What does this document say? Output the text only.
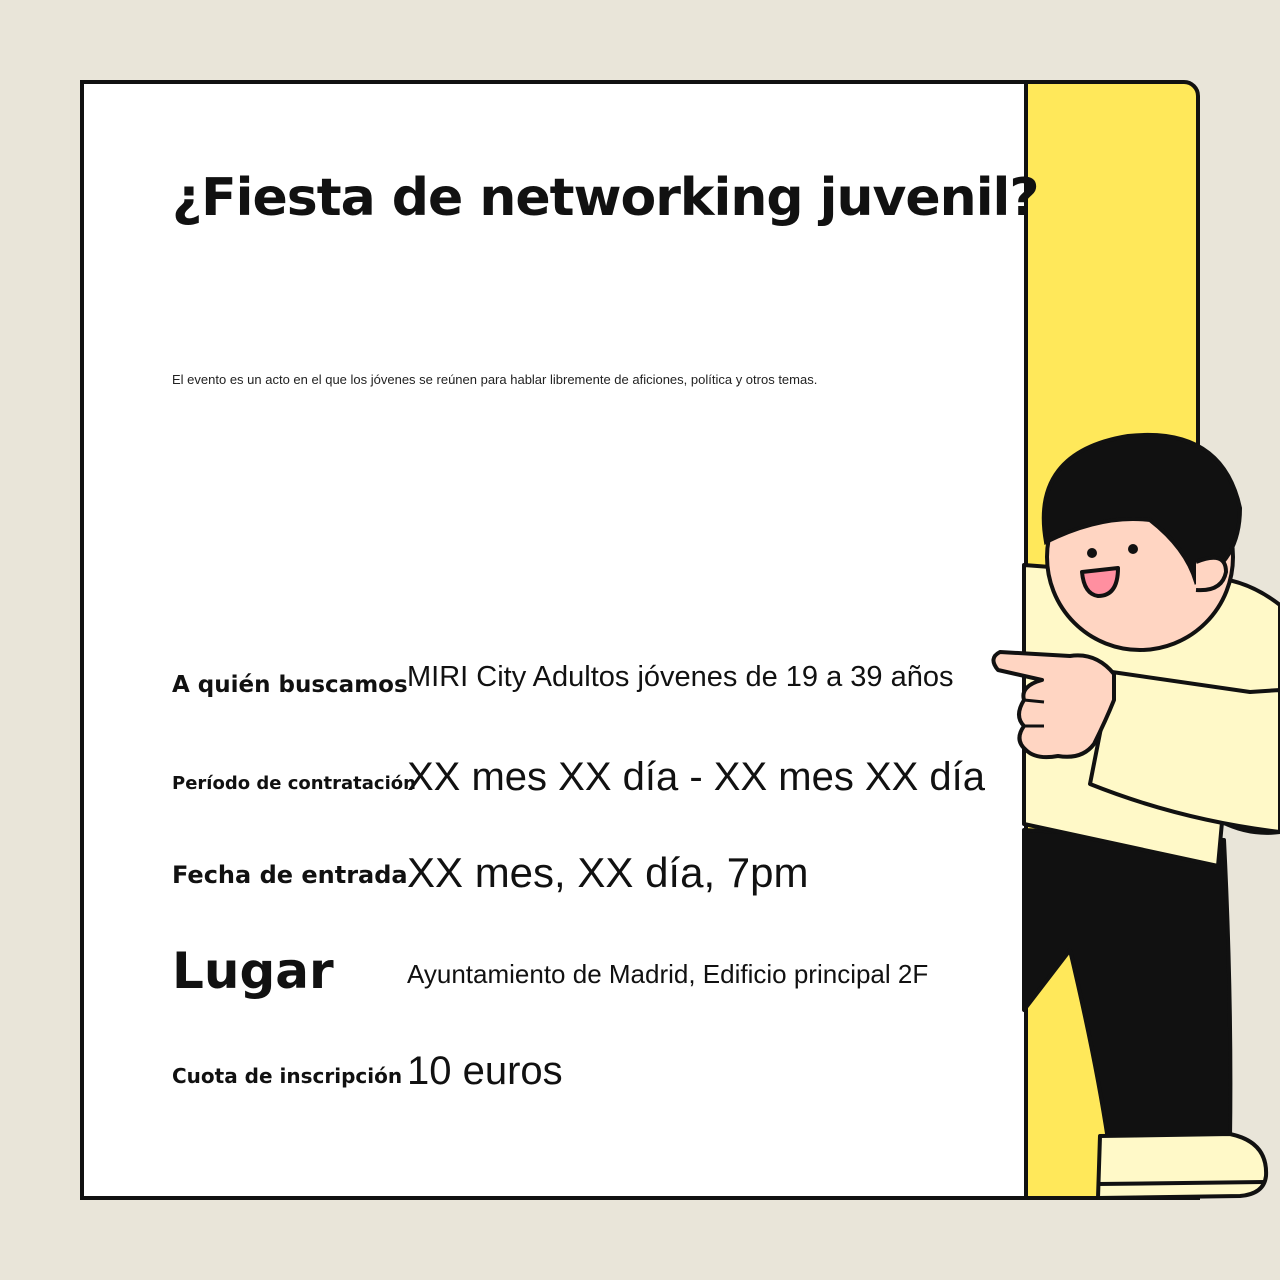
¿Fiesta de networking juvenil?
El evento es un acto en el que los jóvenes se reúnen para hablar libremente de aficiones, política y otros temas.
A quién buscamos MIRI City Adultos jóvenes de 19 a 39 años
Período de contratación
XX mes XX día - XX mes XX día
Fecha de entrada XX mes, XX día, 7pm
Lugar	Ayuntamiento de Madrid, Edificio principal 2F
Cuota de inscripción 10 euros
